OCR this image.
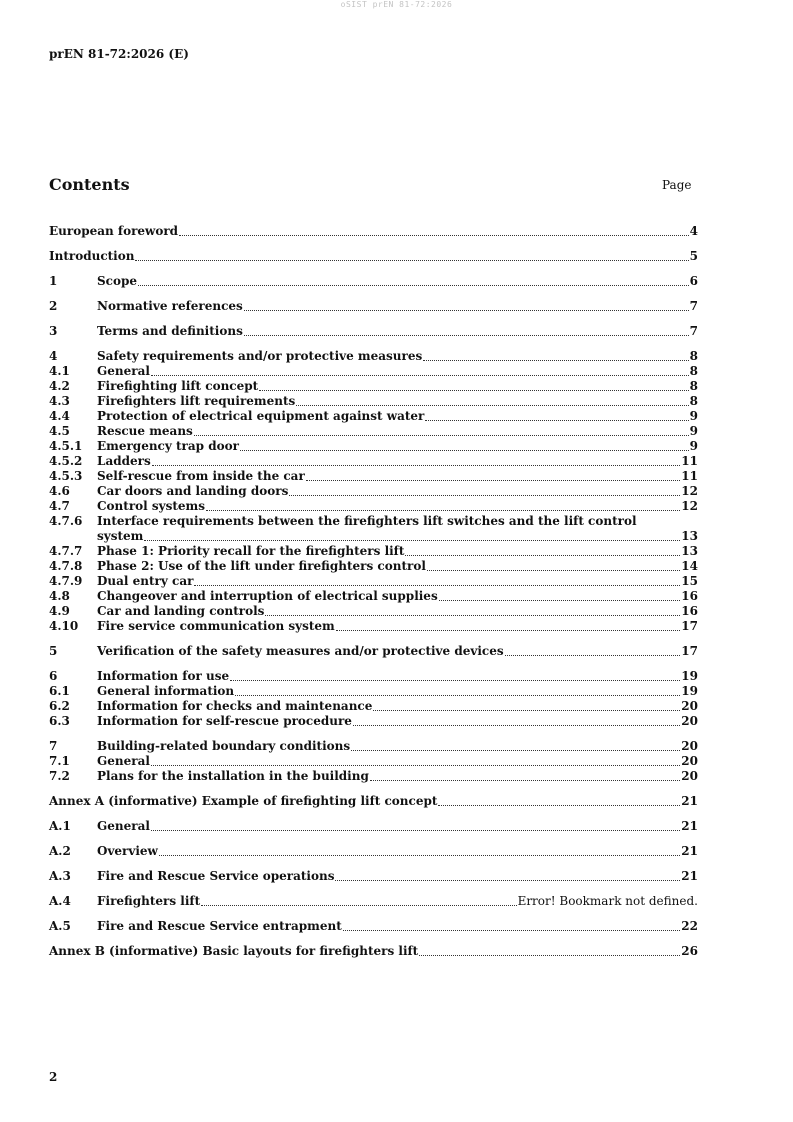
oSIST prEN 81-72:2026
prEN 81-72:2026 (E)
Contents	Page
European foreword	4
Introduction	5
1	Scope	6
2	Normative references	7
3	Terms and definitions	7
4	Safety requirements and/or protective measures	8
4.1	General	8
4.2	Firefighting lift concept	8
4.3	Firefighters lift requirements	8
4.4	Protection of electrical equipment against water	9
4.5	Rescue means	9
4.5.1	Emergency trap door	9
4.5.2	Ladders	11
4.5.3	Self-rescue from inside the car	11
4.6	Car doors and landing doors	12
4.7	Control systems	12
4.7.6	Interface requirements between the firefighters lift switches and the lift control
system	13
4.7.7	Phase 1: Priority recall for the firefighters lift	13
4.7.8	Phase 2: Use of the lift under firefighters control	14
4.7.9	Dual entry car	15
4.8	Changeover and interruption of electrical supplies	16
4.9	Car and landing controls	16
4.10	Fire service communication system	17
5	Verification of the safety measures and/or protective devices	17
6	Information for use	19
6.1	General information	19
6.2	Information for checks and maintenance	20
6.3	Information for self-rescue procedure	20
7	Building-related boundary conditions	20
7.1	General	20
7.2	Plans for the installation in the building	20
Annex A (informative) Example of firefighting lift concept	21
A.1	General	21
A.2	Overview	21
A.3	Fire and Rescue Service operations	21
A.4	Firefighters lift	Error! Bookmark not defined.
A.5	Fire and Rescue Service entrapment	22
Annex B (informative) Basic layouts for firefighters lift	26
2
